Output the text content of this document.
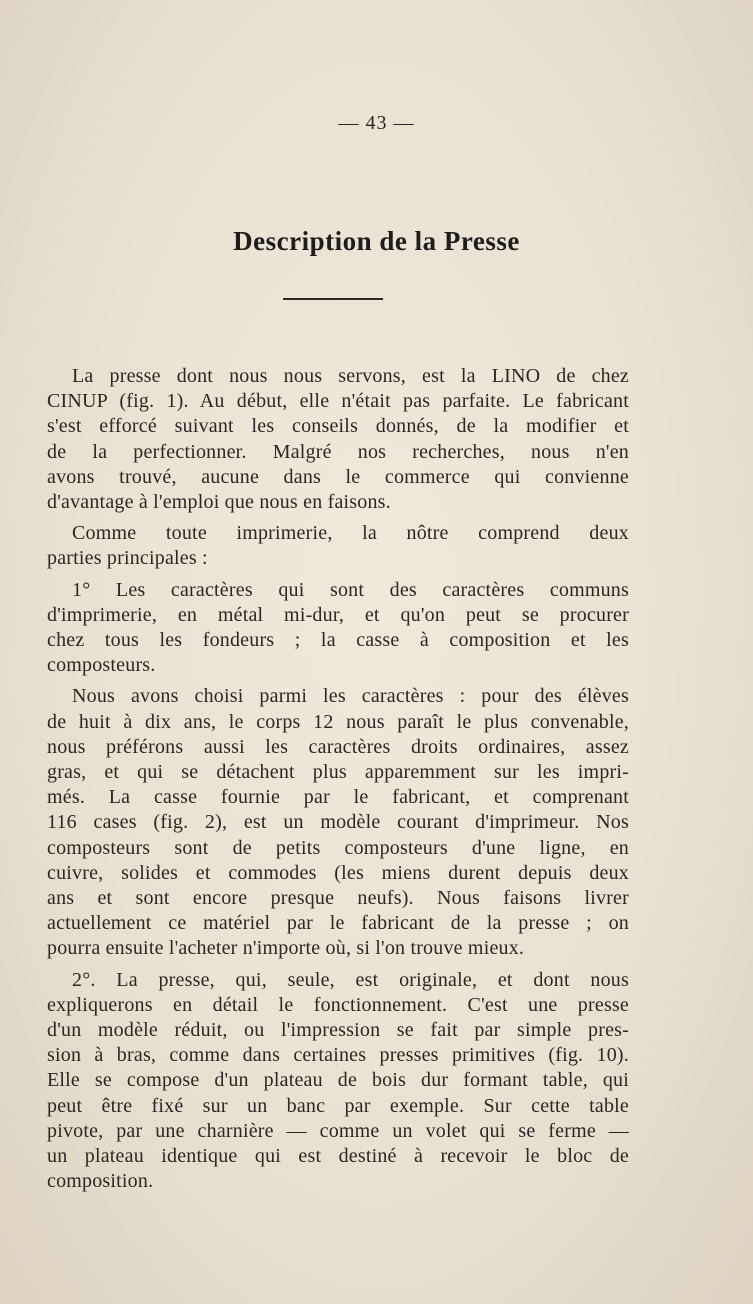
— 43 —
Description de la Presse

La presse dont nous nous servons, est la LINO de chez
CINUP (fig. 1). Au début, elle n'était pas parfaite. Le fabricant
s'est efforcé suivant les conseils donnés, de la modifier et
de la perfectionner. Malgré nos recherches, nous n'en
avons trouvé, aucune dans le commerce qui convienne
d'avantage à l'emploi que nous en faisons.

Comme toute imprimerie, la nôtre comprend deux
parties principales :

1° Les caractères qui sont des caractères communs
d'imprimerie, en métal mi-dur, et qu'on peut se procurer
chez tous les fondeurs ; la casse à composition et les
composteurs.

Nous avons choisi parmi les caractères : pour des élèves
de huit à dix ans, le corps 12 nous paraît le plus convenable,
nous préférons aussi les caractères droits ordinaires, assez
gras, et qui se détachent plus apparemment sur les impri-
més. La casse fournie par le fabricant, et comprenant
116 cases (fig. 2), est un modèle courant d'imprimeur. Nos
composteurs sont de petits composteurs d'une ligne, en
cuivre, solides et commodes (les miens durent depuis deux
ans et sont encore presque neufs). Nous faisons livrer
actuellement ce matériel par le fabricant de la presse ; on
pourra ensuite l'acheter n'importe où, si l'on trouve mieux.

2°. La presse, qui, seule, est originale, et dont nous
expliquerons en détail le fonctionnement. C'est une presse
d'un modèle réduit, ou l'impression se fait par simple pres-
sion à bras, comme dans certaines presses primitives (fig. 10).
Elle se compose d'un plateau de bois dur formant table, qui
peut être fixé sur un banc par exemple. Sur cette table
pivote, par une charnière — comme un volet qui se ferme —
un plateau identique qui est destiné à recevoir le bloc de
composition.
